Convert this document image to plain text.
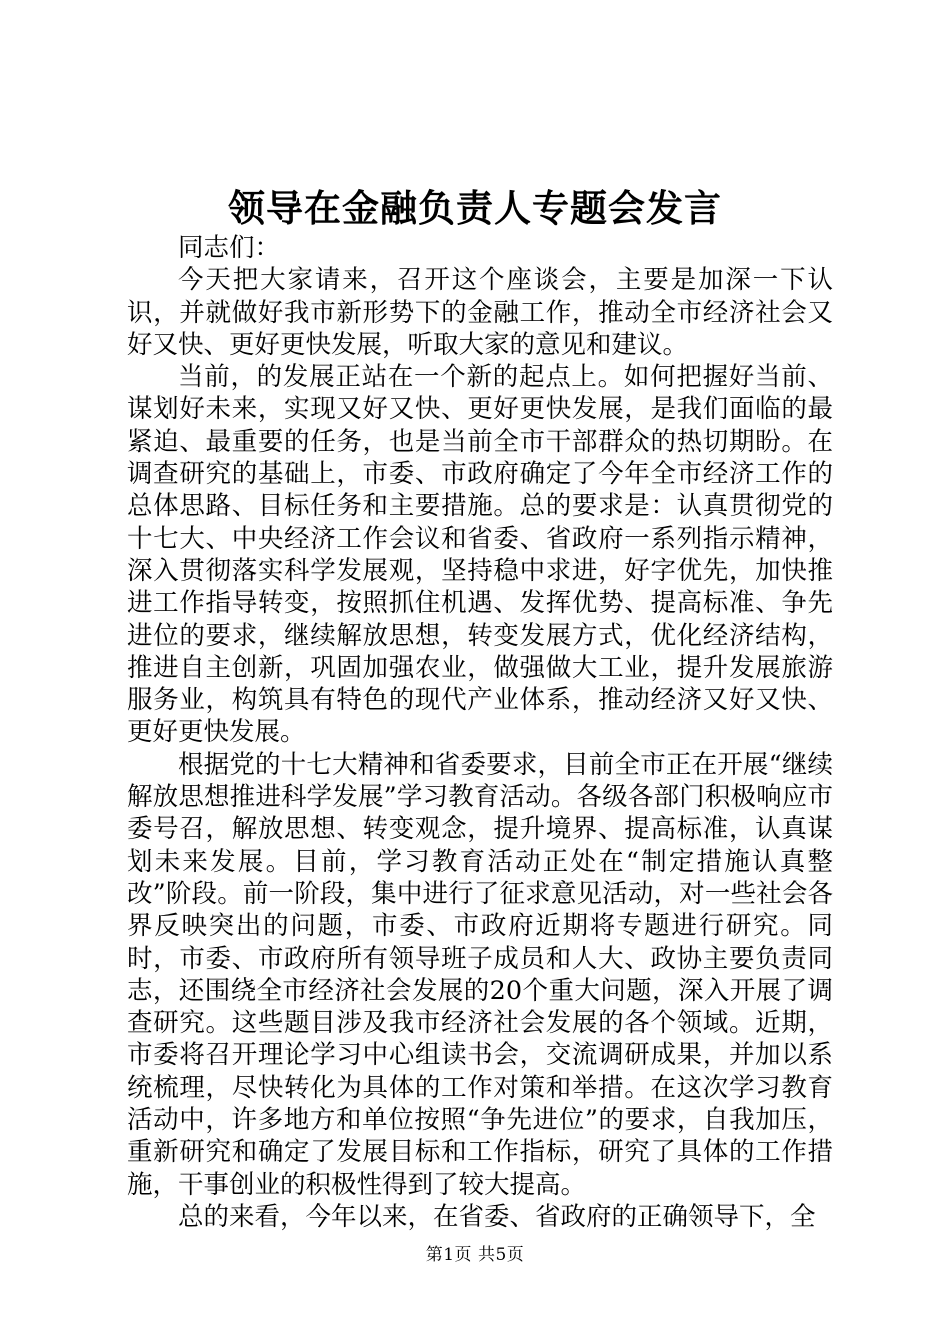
领导在金融负责人专题会发言

同志们：

今天把大家请来，召开这个座谈会，主要是加深一下认识，并就做好我市新形势下的金融工作，推动全市经济社会又好又快、更好更快发展，听取大家的意见和建议。

当前，的发展正站在一个新的起点上。如何把握好当前、谋划好未来，实现又好又快、更好更快发展，是我们面临的最紧迫、最重要的任务，也是当前全市干部群众的热切期盼。在调查研究的基础上，市委、市政府确定了今年全市经济工作的总体思路、目标任务和主要措施。总的要求是：认真贯彻党的十七大、中央经济工作会议和省委、省政府一系列指示精神，深入贯彻落实科学发展观，坚持稳中求进，好字优先，加快推进工作指导转变，按照抓住机遇、发挥优势、提高标准、争先进位的要求，继续解放思想，转变发展方式，优化经济结构，推进自主创新，巩固加强农业，做强做大工业，提升发展旅游服务业，构筑具有特色的现代产业体系，推动经济又好又快、更好更快发展。

根据党的十七大精神和省委要求，目前全市正在开展“继续解放思想推进科学发展”学习教育活动。各级各部门积极响应市委号召，解放思想、转变观念，提升境界、提高标准，认真谋划未来发展。目前，学习教育活动正处在“制定措施认真整改”阶段。前一阶段，集中进行了征求意见活动，对一些社会各界反映突出的问题，市委、市政府近期将专题进行研究。同时，市委、市政府所有领导班子成员和人大、政协主要负责同志，还围绕全市经济社会发展的20个重大问题，深入开展了调查研究。这些题目涉及我市经济社会发展的各个领域。近期，市委将召开理论学习中心组读书会，交流调研成果，并加以系统梳理，尽快转化为具体的工作对策和举措。在这次学习教育活动中，许多地方和单位按照“争先进位”的要求，自我加压，重新研究和确定了发展目标和工作指标，研究了具体的工作措施，干事创业的积极性得到了较大提高。

总的来看，今年以来，在省委、省政府的正确领导下，全

第1页 共5页
